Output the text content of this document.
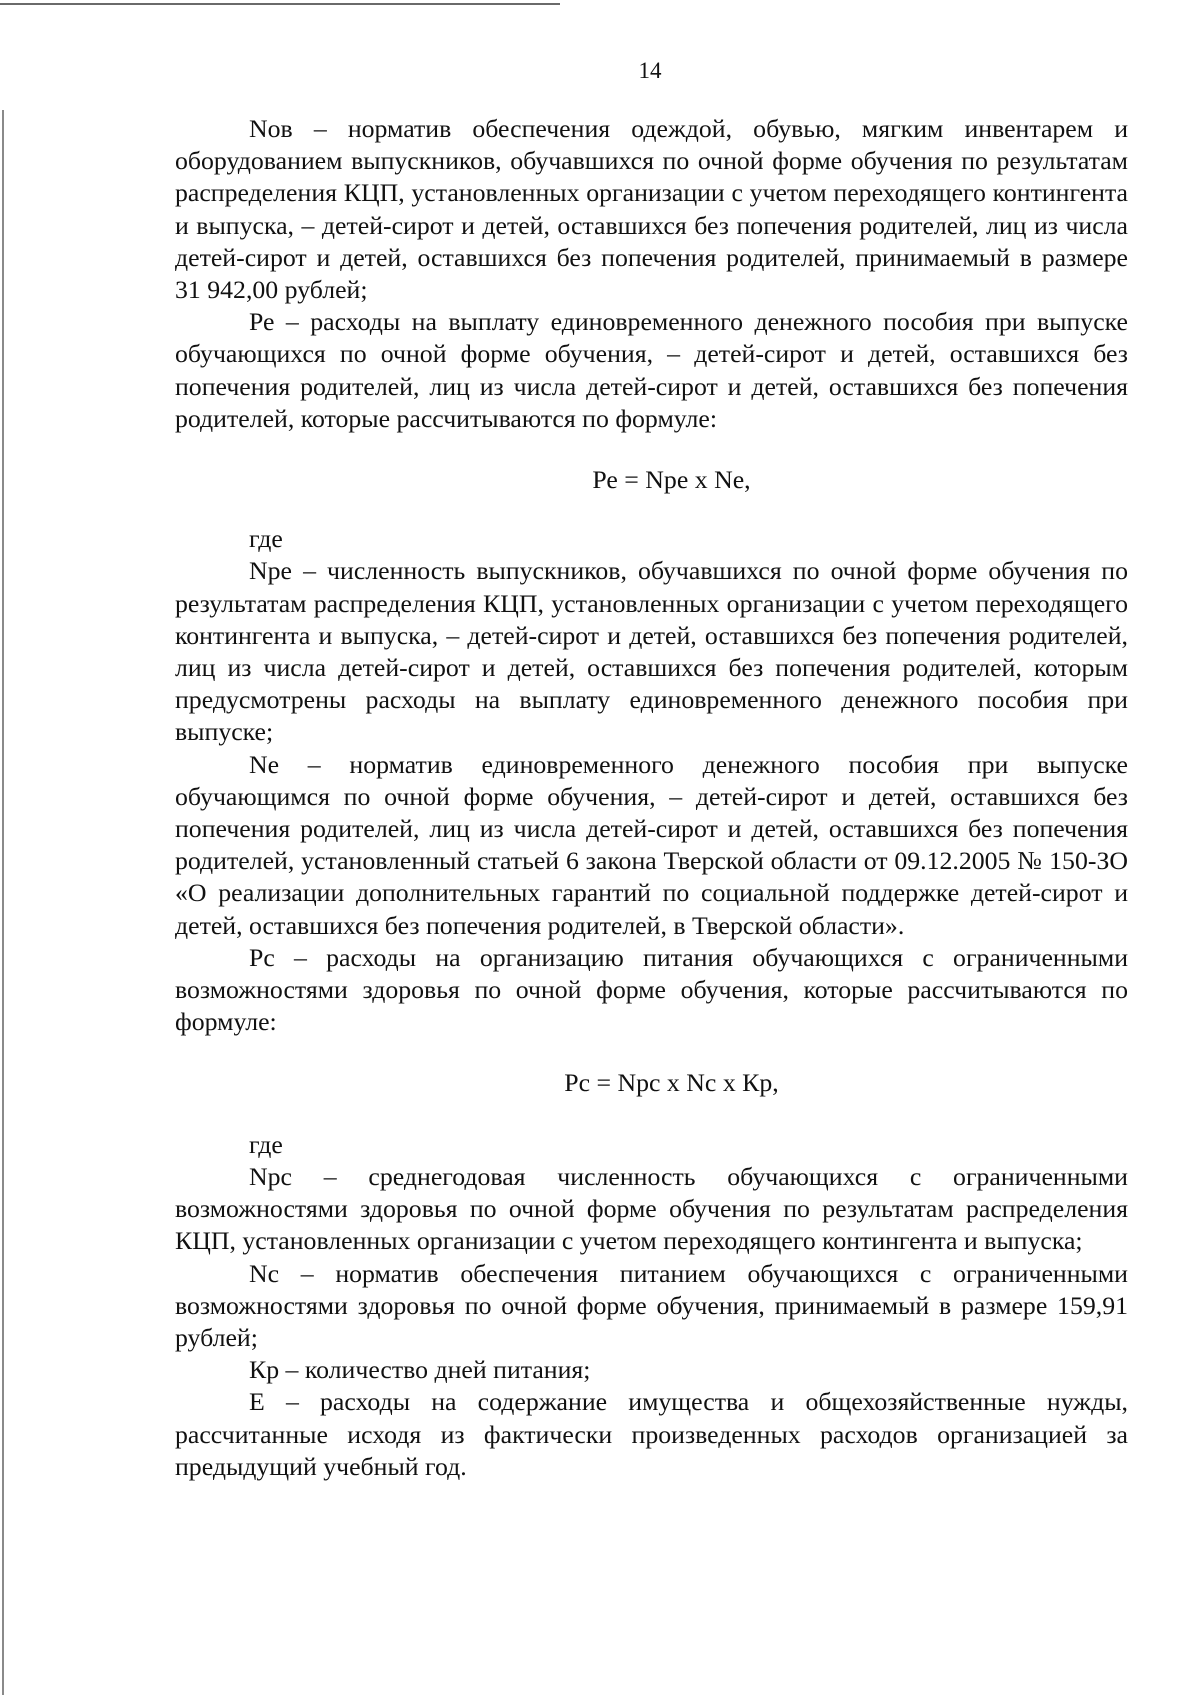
14

Nов – норматив обеспечения одеждой, обувью, мягким инвентарем и оборудованием выпускников, обучавшихся по очной форме обучения по результатам распределения КЦП, установленных организации с учетом переходящего контингента и выпуска, – детей-сирот и детей, оставшихся без попечения родителей, лиц из числа детей-сирот и детей, оставшихся без попечения родителей, принимаемый в размере 31 942,00 рублей;

Ре – расходы на выплату единовременного денежного пособия при выпуске обучающихся по очной форме обучения, – детей-сирот и детей, оставшихся без попечения родителей, лиц из числа детей-сирот и детей, оставшихся без попечения родителей, которые рассчитываются по формуле:

Ре = Nре х Nе,

где

Nре – численность выпускников, обучавшихся по очной форме обучения по результатам распределения КЦП, установленных организации с учетом переходящего контингента и выпуска, – детей-сирот и детей, оставшихся без попечения родителей, лиц из числа детей-сирот и детей, оставшихся без попечения родителей, которым предусмотрены расходы на выплату единовременного денежного пособия при выпуске;

Nе – норматив единовременного денежного пособия при выпуске обучающимся по очной форме обучения, – детей-сирот и детей, оставшихся без попечения родителей, лиц из числа детей-сирот и детей, оставшихся без попечения родителей, установленный статьей 6 закона Тверской области от 09.12.2005 № 150-ЗО «О реализации дополнительных гарантий по социальной поддержке детей-сирот и детей, оставшихся без попечения родителей, в Тверской области».

Рс – расходы на организацию питания обучающихся с ограниченными возможностями здоровья по очной форме обучения, которые рассчитываются по формуле:

Рс = Nрс х Nс х Кр,

где

Nрс – среднегодовая численность обучающихся с ограниченными возможностями здоровья по очной форме обучения по результатам распределения КЦП, установленных организации с учетом переходящего контингента и выпуска;

Nс – норматив обеспечения питанием обучающихся с ограниченными возможностями здоровья по очной форме обучения, принимаемый в размере 159,91 рублей;

Кр – количество дней питания;

Е – расходы на содержание имущества и общехозяйственные нужды, рассчитанные исходя из фактически произведенных расходов организацией за предыдущий учебный год.
